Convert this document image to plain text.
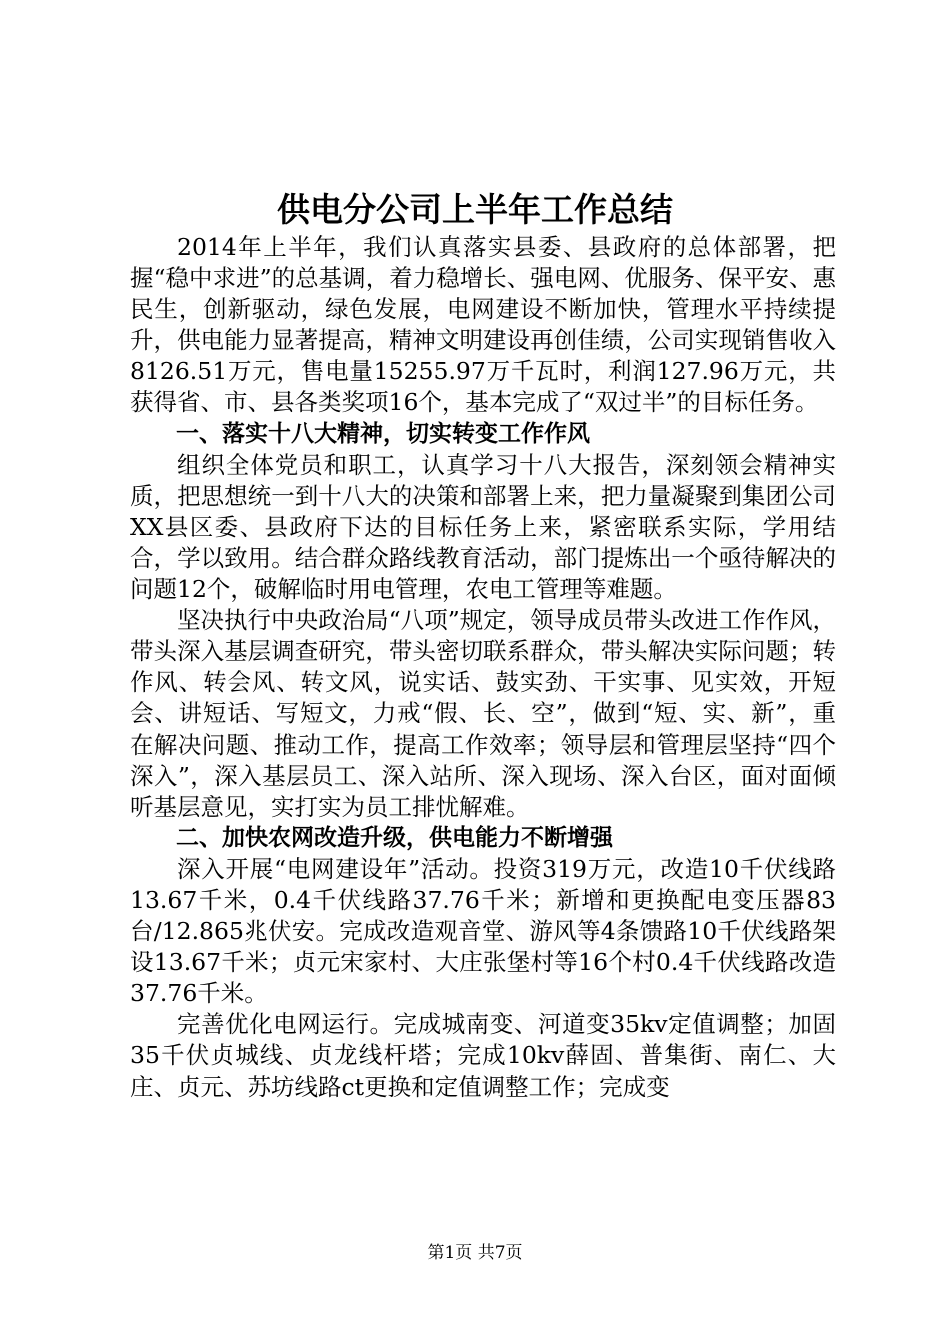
供电分公司上半年工作总结

2014年上半年，我们认真落实县委、县政府的总体部署，把握“稳中求进”的总基调，着力稳增长、强电网、优服务、保平安、惠民生，创新驱动，绿色发展，电网建设不断加快，管理水平持续提升，供电能力显著提高，精神文明建设再创佳绩，公司实现销售收入8126.51万元，售电量15255.97万千瓦时，利润127.96万元，共获得省、市、县各类奖项16个，基本完成了“双过半”的目标任务。

一、落实十八大精神，切实转变工作作风

组织全体党员和职工，认真学习十八大报告，深刻领会精神实质，把思想统一到十八大的决策和部署上来，把力量凝聚到集团公司XX县区委、县政府下达的目标任务上来，紧密联系实际，学用结合，学以致用。结合群众路线教育活动，部门提炼出一个亟待解决的问题12个，破解临时用电管理，农电工管理等难题。

坚决执行中央政治局“八项”规定，领导成员带头改进工作作风，带头深入基层调查研究，带头密切联系群众，带头解决实际问题；转作风、转会风、转文风，说实话、鼓实劲、干实事、见实效，开短会、讲短话、写短文，力戒“假、长、空”，做到“短、实、新”，重在解决问题、推动工作，提高工作效率；领导层和管理层坚持“四个深入”，深入基层员工、深入站所、深入现场、深入台区，面对面倾听基层意见，实打实为员工排忧解难。

二、加快农网改造升级，供电能力不断增强

深入开展“电网建设年”活动。投资319万元，改造10千伏线路13.67千米，0.4千伏线路37.76千米；新增和更换配电变压器83台/12.865兆伏安。完成改造观音堂、游风等4条馈路10千伏线路架设13.67千米；贞元宋家村、大庄张堡村等16个村0.4千伏线路改造37.76千米。

完善优化电网运行。完成城南变、河道变35kv定值调整；加固35千伏贞城线、贞龙线杆塔；完成10kv薛固、普集街、南仁、大庄、贞元、苏坊线路ct更换和定值调整工作；完成变

第1页 共7页
